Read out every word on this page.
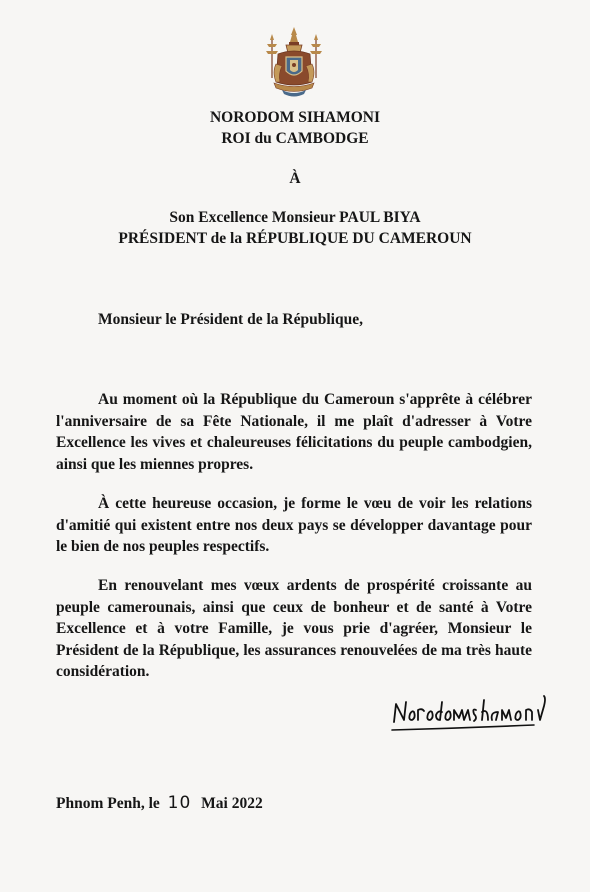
NORODOM SIHAMONI
ROI du CAMBODGE
À
Son Excellence Monsieur PAUL BIYA
PRÉSIDENT de la RÉPUBLIQUE DU CAMEROUN
Monsieur le Président de la République,

Au moment où la République du Cameroun s'apprête à célébrer l'anniversaire de sa Fête Nationale, il me plaît d'adresser à Votre Excellence les vives et chaleureuses félicitations du peuple cambodgien, ainsi que les miennes propres.

À cette heureuse occasion, je forme le vœu de voir les relations d'amitié qui existent entre nos deux pays se développer davantage pour le bien de nos peuples respectifs.

En renouvelant mes vœux ardents de prospérité croissante au peuple camerounais, ainsi que ceux de bonheur et de santé à Votre Excellence et à votre Famille, je vous prie d'agréer, Monsieur le Président de la République, les assurances renouvelées de ma très haute considération.

Phnom Penh, le 10 Mai 2022
